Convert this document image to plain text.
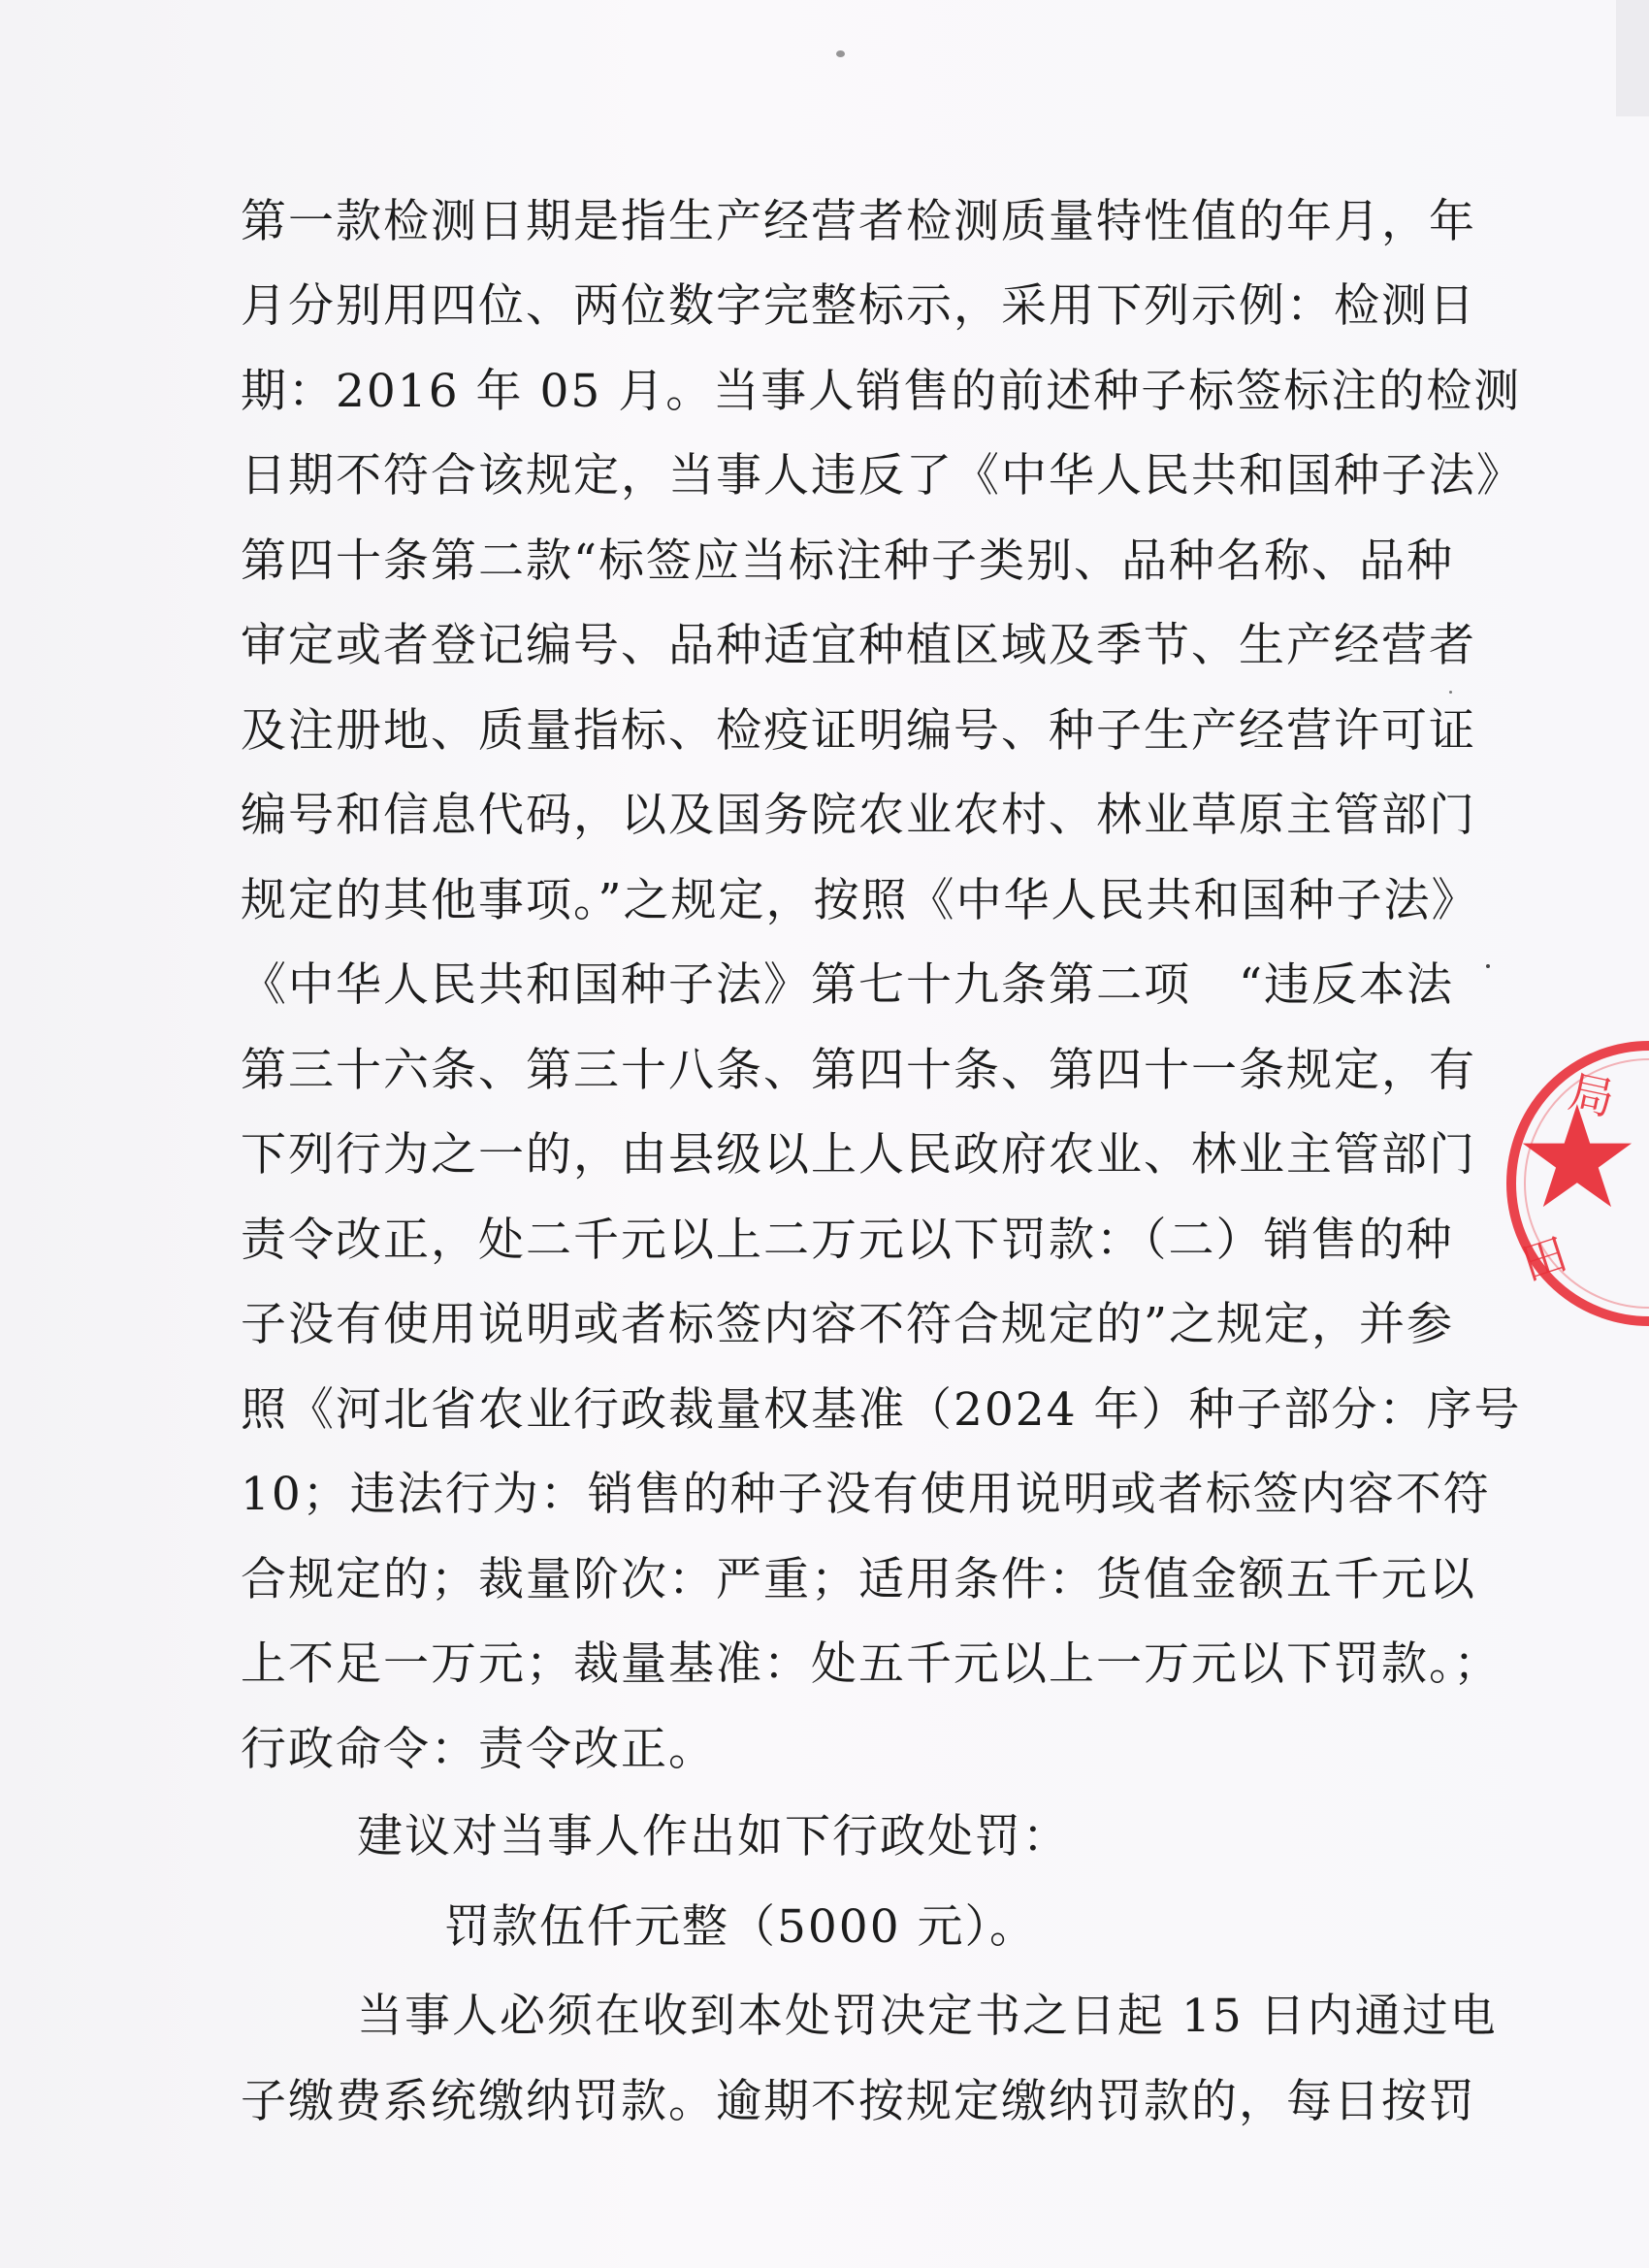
第一款检测日期是指生产经营者检测质量特性值的年月，年
月分别用四位、两位数字完整标示，采用下列示例：检测日
期：2016 年 05 月。当事人销售的前述种子标签标注的检测
日期不符合该规定，当事人违反了《中华人民共和国种子法》
第四十条第二款“标签应当标注种子类别、品种名称、品种
审定或者登记编号、品种适宜种植区域及季节、生产经营者
及注册地、质量指标、检疫证明编号、种子生产经营许可证
编号和信息代码，以及国务院农业农村、林业草原主管部门
规定的其他事项。”之规定，按照《中华人民共和国种子法》
《中华人民共和国种子法》第七十九条第二项　“违反本法
第三十六条、第三十八条、第四十条、第四十一条规定，有
下列行为之一的，由县级以上人民政府农业、林业主管部门
责令改正，处二千元以上二万元以下罚款：（二）销售的种
子没有使用说明或者标签内容不符合规定的”之规定，并参
照《河北省农业行政裁量权基准（2024 年）种子部分：序号
10；违法行为：销售的种子没有使用说明或者标签内容不符
合规定的；裁量阶次：严重；适用条件：货值金额五千元以
上不足一万元；裁量基准：处五千元以上一万元以下罚款。；
行政命令：责令改正。
建议对当事人作出如下行政处罚：
罚款伍仟元整（5000 元）。
当事人必须在收到本处罚决定书之日起 15 日内通过电
子缴费系统缴纳罚款。逾期不按规定缴纳罚款的，每日按罚
局
田
